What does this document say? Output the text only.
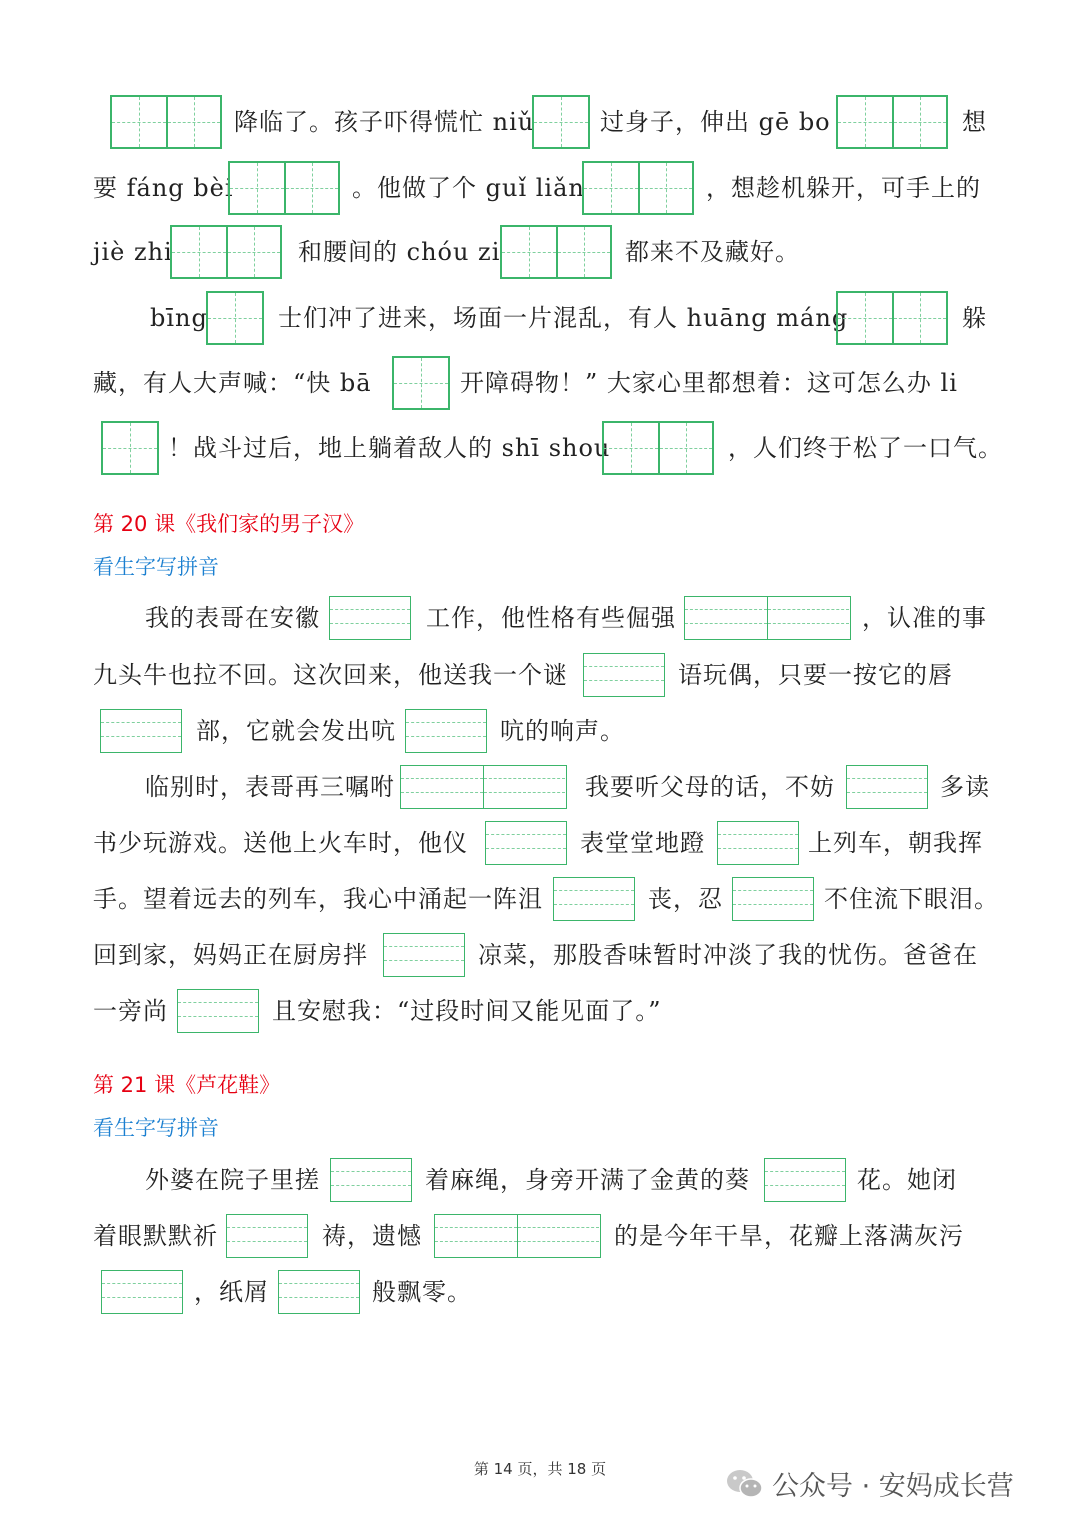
降临了。孩子吓得慌忙 niǔ	过身子，伸出 gē bo	想
要 fáng bèi	。他做了个 guǐ liǎn	，想趁机躲开，可手上的
jiè zhi	和腰间的 chóu zi	都来不及藏好。
bīng	士们冲了进来，场面一片混乱，有人 huāng máng	躲
藏，有人大声喊：“快 bā	开障碍物！” 大家心里都想着：这可怎么办 li
！战斗过后，地上躺着敌人的 shī shou	，人们终于松了一口气。
第 20 课《我们家的男子汉》
看生字写拼音
我的表哥在安徽	工作，他性格有些倔强	，认准的事
九头牛也拉不回。这次回来，他送我一个谜	语玩偶，只要一按它的唇
部，它就会发出吭	吭的响声。
临别时，表哥再三嘱咐	我要听父母的话，不妨	多读
书少玩游戏。送他上火车时，他仪	表堂堂地蹬	上列车，朝我挥
手。望着远去的列车，我心中涌起一阵沮	丧，忍	不住流下眼泪。
回到家，妈妈正在厨房拌	凉菜，那股香味暂时冲淡了我的忧伤。爸爸在
一旁尚	且安慰我：“过段时间又能见面了。”
第 21 课《芦花鞋》
看生字写拼音
外婆在院子里搓	着麻绳，身旁开满了金黄的葵	花。她闭
着眼默默祈	祷，遗憾	的是今年干旱，花瓣上落满灰污
，纸屑	般飘零。
第 14 页，共 18 页
公众号 · 安妈成长营
